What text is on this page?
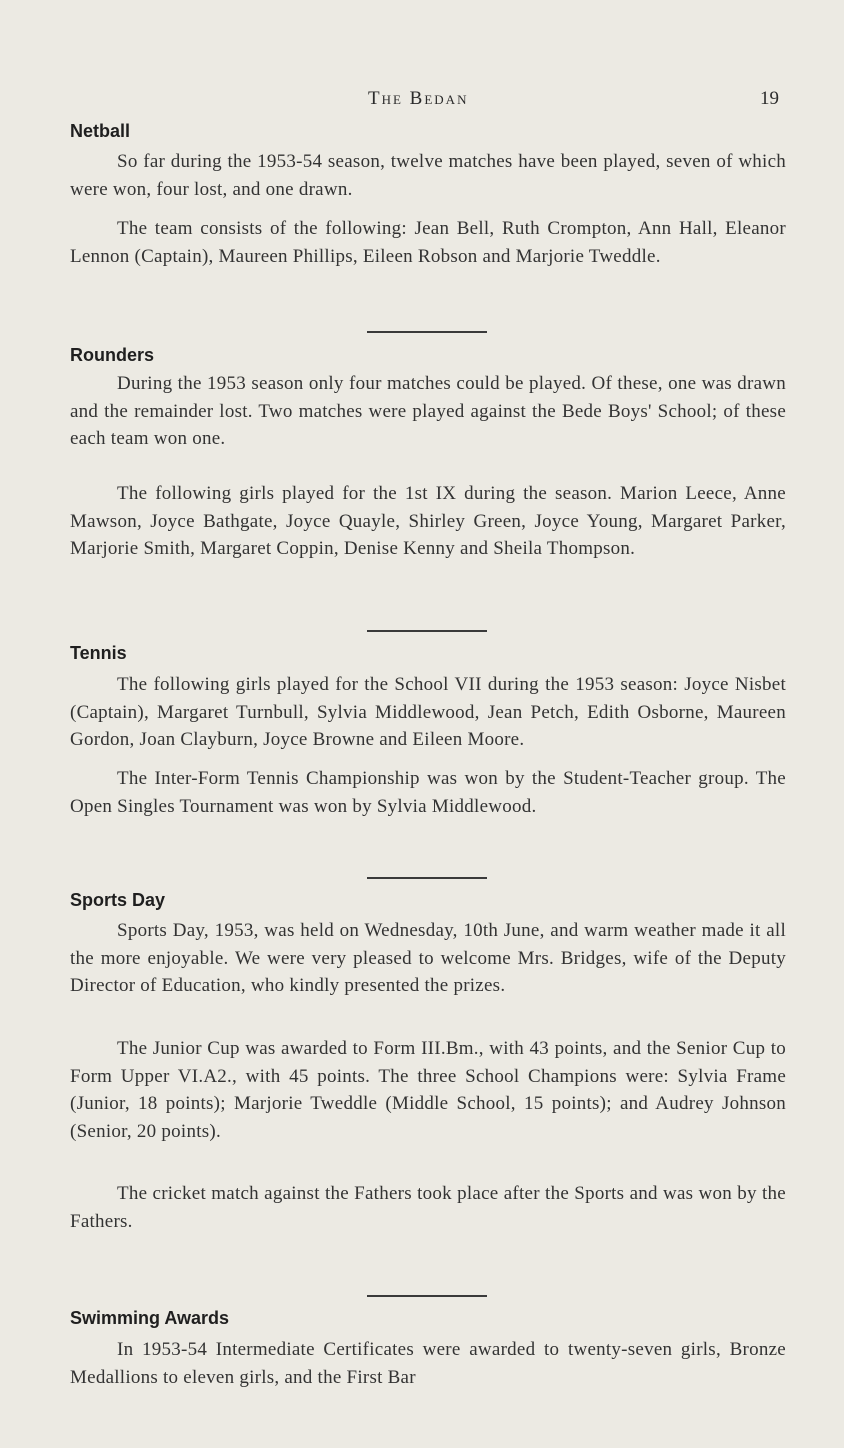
The Bedan	19
Netball

So far during the 1953-54 season, twelve matches have been played, seven of which were won, four lost, and one drawn.

The team consists of the following: Jean Bell, Ruth Crompton, Ann Hall, Eleanor Lennon (Captain), Maureen Phillips, Eileen Robson and Marjorie Tweddle.

Rounders

During the 1953 season only four matches could be played. Of these, one was drawn and the remainder lost. Two matches were played against the Bede Boys' School; of these each team won one.

The following girls played for the 1st IX during the season. Marion Leece, Anne Mawson, Joyce Bathgate, Joyce Quayle, Shirley Green, Joyce Young, Margaret Parker, Marjorie Smith, Margaret Coppin, Denise Kenny and Sheila Thompson.

Tennis

The following girls played for the School VII during the 1953 season: Joyce Nisbet (Captain), Margaret Turnbull, Sylvia Middlewood, Jean Petch, Edith Osborne, Maureen Gordon, Joan Clayburn, Joyce Browne and Eileen Moore.

The Inter-Form Tennis Championship was won by the Student-Teacher group. The Open Singles Tournament was won by Sylvia Middlewood.

Sports Day

Sports Day, 1953, was held on Wednesday, 10th June, and warm weather made it all the more enjoyable. We were very pleased to welcome Mrs. Bridges, wife of the Deputy Director of Education, who kindly presented the prizes.

The Junior Cup was awarded to Form III.Bm., with 43 points, and the Senior Cup to Form Upper VI.A2., with 45 points. The three School Champions were: Sylvia Frame (Junior, 18 points); Marjorie Tweddle (Middle School, 15 points); and Audrey Johnson (Senior, 20 points).

The cricket match against the Fathers took place after the Sports and was won by the Fathers.

Swimming Awards

In 1953-54 Intermediate Certificates were awarded to twenty-seven girls, Bronze Medallions to eleven girls, and the First Bar
